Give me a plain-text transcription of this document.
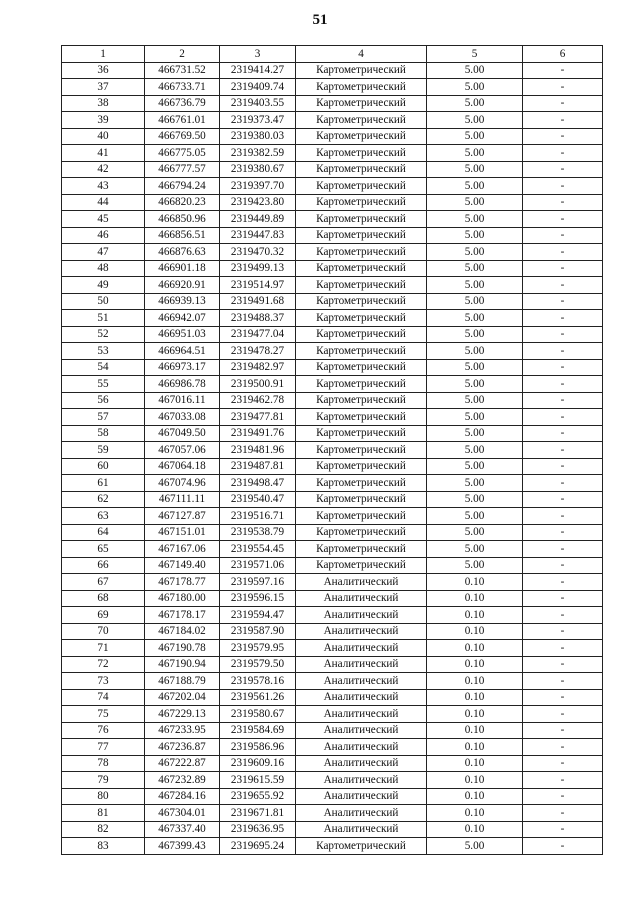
51
1	2	3	4	5	6
36	466731.52	2319414.27	Картометрический	5.00	-
37	466733.71	2319409.74	Картометрический	5.00	-
38	466736.79	2319403.55	Картометрический	5.00	-
39	466761.01	2319373.47	Картометрический	5.00	-
40	466769.50	2319380.03	Картометрический	5.00	-
41	466775.05	2319382.59	Картометрический	5.00	-
42	466777.57	2319380.67	Картометрический	5.00	-
43	466794.24	2319397.70	Картометрический	5.00	-
44	466820.23	2319423.80	Картометрический	5.00	-
45	466850.96	2319449.89	Картометрический	5.00	-
46	466856.51	2319447.83	Картометрический	5.00	-
47	466876.63	2319470.32	Картометрический	5.00	-
48	466901.18	2319499.13	Картометрический	5.00	-
49	466920.91	2319514.97	Картометрический	5.00	-
50	466939.13	2319491.68	Картометрический	5.00	-
51	466942.07	2319488.37	Картометрический	5.00	-
52	466951.03	2319477.04	Картометрический	5.00	-
53	466964.51	2319478.27	Картометрический	5.00	-
54	466973.17	2319482.97	Картометрический	5.00	-
55	466986.78	2319500.91	Картометрический	5.00	-
56	467016.11	2319462.78	Картометрический	5.00	-
57	467033.08	2319477.81	Картометрический	5.00	-
58	467049.50	2319491.76	Картометрический	5.00	-
59	467057.06	2319481.96	Картометрический	5.00	-
60	467064.18	2319487.81	Картометрический	5.00	-
61	467074.96	2319498.47	Картометрический	5.00	-
62	467111.11	2319540.47	Картометрический	5.00	-
63	467127.87	2319516.71	Картометрический	5.00	-
64	467151.01	2319538.79	Картометрический	5.00	-
65	467167.06	2319554.45	Картометрический	5.00	-
66	467149.40	2319571.06	Картометрический	5.00	-
67	467178.77	2319597.16	Аналитический	0.10	-
68	467180.00	2319596.15	Аналитический	0.10	-
69	467178.17	2319594.47	Аналитический	0.10	-
70	467184.02	2319587.90	Аналитический	0.10	-
71	467190.78	2319579.95	Аналитический	0.10	-
72	467190.94	2319579.50	Аналитический	0.10	-
73	467188.79	2319578.16	Аналитический	0.10	-
74	467202.04	2319561.26	Аналитический	0.10	-
75	467229.13	2319580.67	Аналитический	0.10	-
76	467233.95	2319584.69	Аналитический	0.10	-
77	467236.87	2319586.96	Аналитический	0.10	-
78	467222.87	2319609.16	Аналитический	0.10	-
79	467232.89	2319615.59	Аналитический	0.10	-
80	467284.16	2319655.92	Аналитический	0.10	-
81	467304.01	2319671.81	Аналитический	0.10	-
82	467337.40	2319636.95	Аналитический	0.10	-
83	467399.43	2319695.24	Картометрический	5.00	-
